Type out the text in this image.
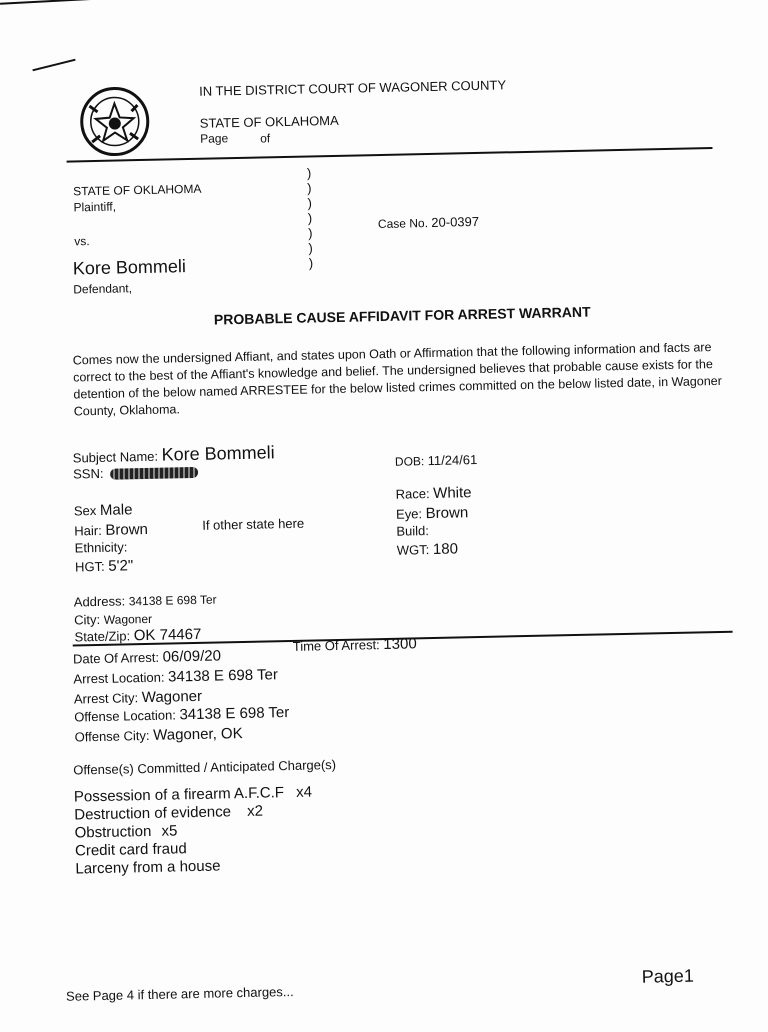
IN THE DISTRICT COURT OF WAGONER COUNTY
STATE OF OKLAHOMA
Page	of
STATE OF OKLAHOMA
Plaintiff,
vs.
Kore Bommeli
Defendant,
)
)
)
)
)
)
)
Case No. 20-0397
PROBABLE CAUSE AFFIDAVIT FOR ARREST WARRANT
Comes now the undersigned Affiant, and states upon Oath or Affirmation that the following information and facts are correct to the best of the Affiant's knowledge and belief. The undersigned believes that probable cause exists for the detention of the below named ARRESTEE for the below listed crimes committed on the below listed date, in Wagoner County, Oklahoma.
Subject Name: Kore Bommeli
SSN:
DOB: 11/24/61
Sex Male
Race: White
Hair: Brown	If other state here
Eye: Brown
Ethnicity:
Build:
HGT: 5'2"
WGT: 180
Address: 34138 E 698 Ter
City: Wagoner
State/Zip: OK 74467
Date Of Arrest: 06/09/20
Time Of Arrest: 1300
Arrest Location: 34138 E 698 Ter
Arrest City: Wagoner
Offense Location: 34138 E 698 Ter
Offense City: Wagoner, OK
Offense(s) Committed / Anticipated Charge(s)
Possession of a firearm A.F.C.F x4
Destruction of evidence x2
Obstruction x5
Credit card fraud
Larceny from a house
See Page 4 if there are more charges...
Page1
